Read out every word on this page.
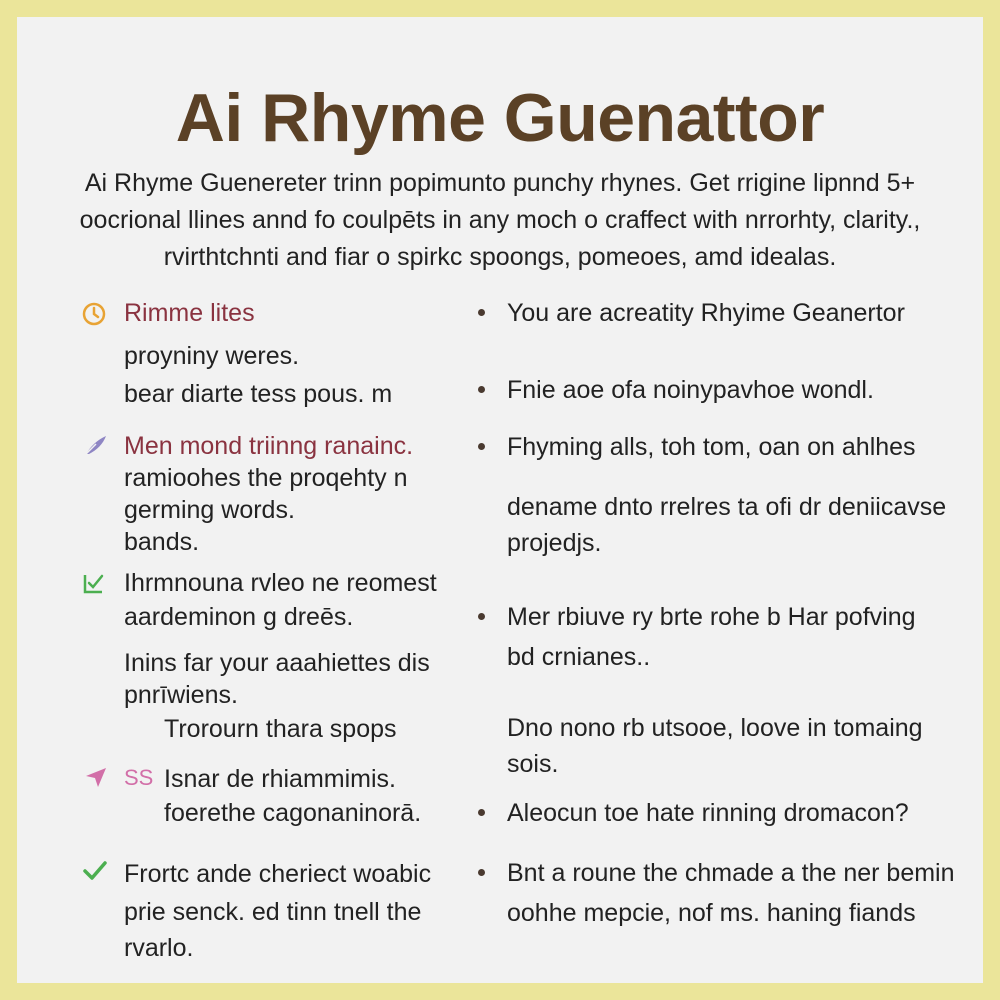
Ai Rhyme Guenattor
Ai Rhyme Guenereter trinn popimunto punchy rhynes. Get rrigine lipnnd 5+
oocrional llines annd fo coulpēts in any moch o craffect with nrrorhty, clarity.,
rvirthtchnti and fiar o spirkc spoongs, pomeoes, amd idealas.
Rimme lites
proyniny weres.
bear diarte tess pous. m
Men mond triinng ranainc.
ramioohes the proqehty n
germing words.
bands.
Ihrmnouna rvleo ne reomest
aardeminon g dreēs.
Inins far your aaahiettes dis
pnrīwiens.
Trorourn thara spops
SS Isnar de rhiammimis.
foerethe cagonaninorā.
Frortc ande cheriect woabic
prie senck. ed tinn tnell the
rvarlo.
You are acreatity Rhyime Geanertor
Fnie aoe ofa noinypavhoe wondl.
Fhyming alls, toh tom, oan on ahlhes
dename dnto rrelres ta ofi dr deniicavse
projedjs.
Mer rbiuve ry brte rohe b Har pofving
bd crnianes..
Dno nono rb utsooe, loove in tomaing
sois.
Aleocun toe hate rinning dromacon?
Bnt a roune the chmade a the ner bemin
oohhe mepcie, nof ms. haning fiands
